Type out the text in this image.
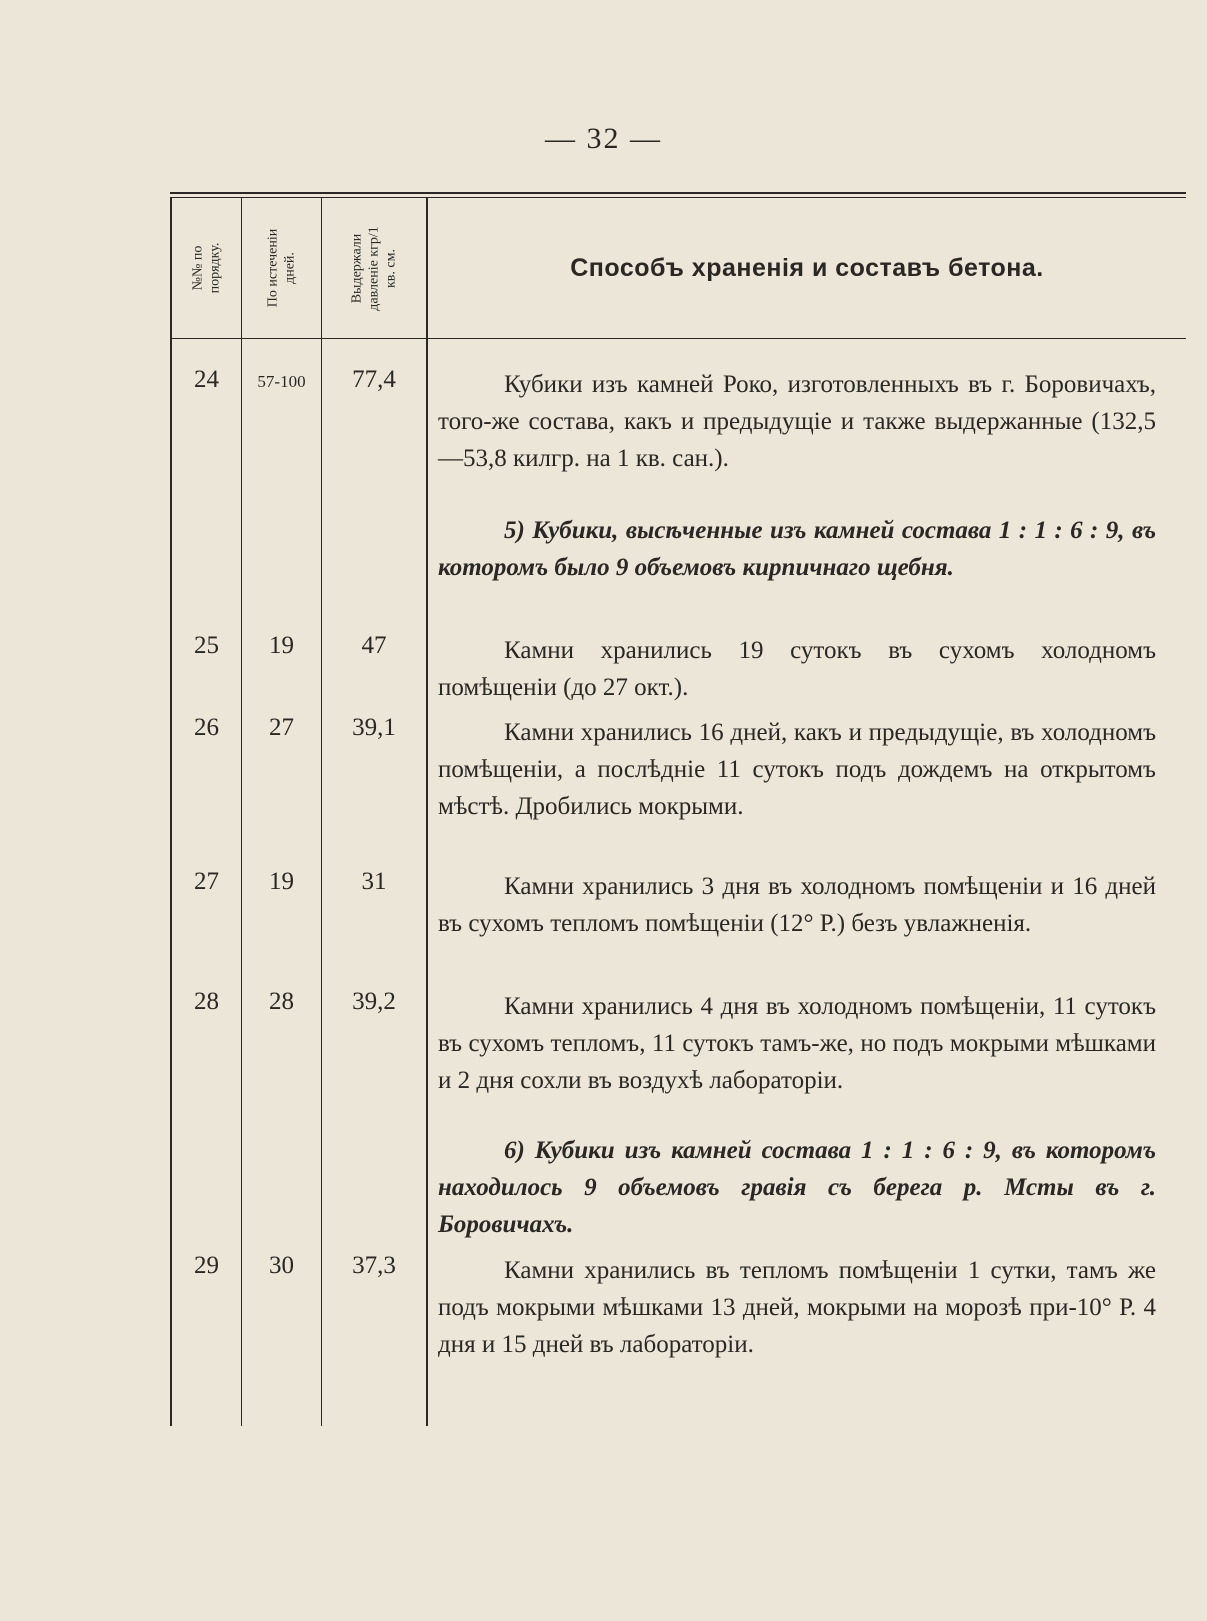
— 32 —
№№ по порядку.	По истеченіи дней.	Выдержали давленіе кгр/1 кв. см.	Способъ храненія и составъ бетона.
24	57-100	77,4	Кубики изъ камней Роко, изготовленныхъ въ г. Боровичахъ, того-же состава, какъ и предыдущіе и также выдержанные (132,5—53,8 килгр. на 1 кв. сан.).
5) Кубики, высѣченные изъ камней состава 1 : 1 : 6 : 9, въ которомъ было 9 объемовъ кирпичнаго щебня.
25	19	47	Камни хранились 19 сутокъ въ сухомъ холодномъ помѣщеніи (до 27 окт.).
26	27	39,1	Камни хранились 16 дней, какъ и предыдущіе, въ холодномъ помѣщеніи, а послѣдніе 11 сутокъ подъ дождемъ на открытомъ мѣстѣ. Дробились мокрыми.
27	19	31	Камни хранились 3 дня въ холодномъ помѣщеніи и 16 дней въ сухомъ тепломъ помѣщеніи (12° Р.) безъ увлажненія.
28	28	39,2	Камни хранились 4 дня въ холодномъ помѣщеніи, 11 сутокъ въ сухомъ тепломъ, 11 сутокъ тамъ-же, но подъ мокрыми мѣшками и 2 дня сохли въ воздухѣ лабораторіи.
6) Кубики изъ камней состава 1 : 1 : 6 : 9, въ которомъ находилось 9 объемовъ гравія съ берега р. Мсты въ г. Боровичахъ.
29	30	37,3	Камни хранились въ тепломъ помѣщеніи 1 сутки, тамъ же подъ мокрыми мѣшками 13 дней, мокрыми на морозѣ при-10° Р. 4 дня и 15 дней въ лабораторіи.
